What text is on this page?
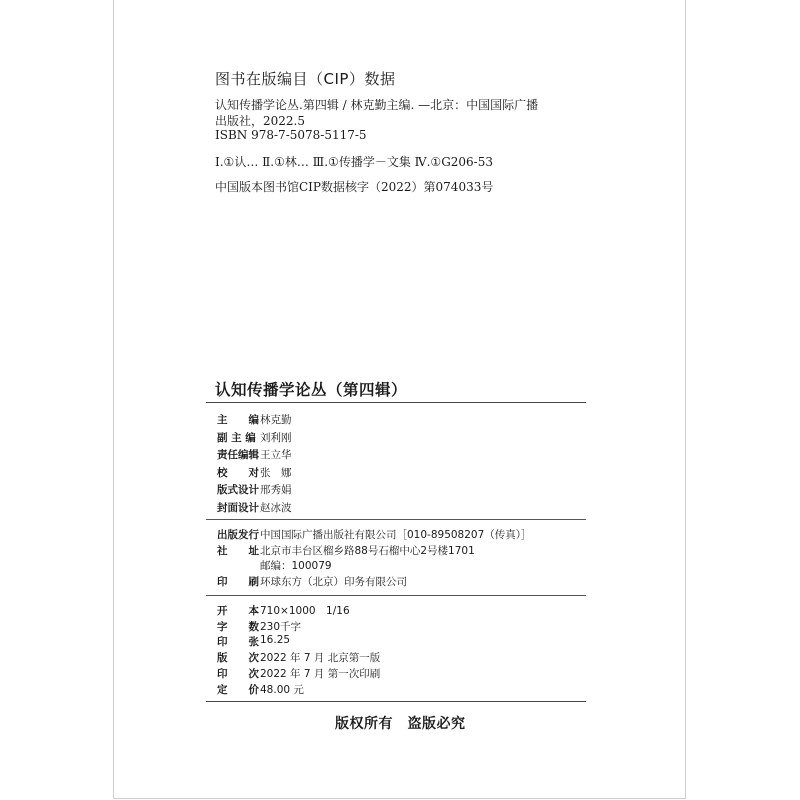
图书在版编目（CIP）数据
认知传播学论丛.第四辑 / 林克勤主编. —北京：中国国际广播
出版社，2022.5
ISBN 978-7-5078-5117-5
Ⅰ.①认… Ⅱ.①林… Ⅲ.①传播学－文集 Ⅳ.①G206-53
中国版本图书馆CIP数据核字（2022）第074033号
认知传播学论丛（第四辑）
主　　编 林克勤
副 主 编 刘利刚
责任编辑 王立华
校　　对 张　娜
版式设计 邢秀娟
封面设计 赵冰波
出版发行 中国国际广播出版社有限公司［010-89508207（传真）］
社　　址 北京市丰台区榴乡路88号石榴中心2号楼1701
邮编：100079
印　　刷 环球东方（北京）印务有限公司
开　　本 710×1000　1/16
字　　数 230千字
印　　张 16.25
版　　次 2022 年 7 月 北京第一版
印　　次 2022 年 7 月 第一次印刷
定　　价 48.00 元
版权所有　盗版必究
